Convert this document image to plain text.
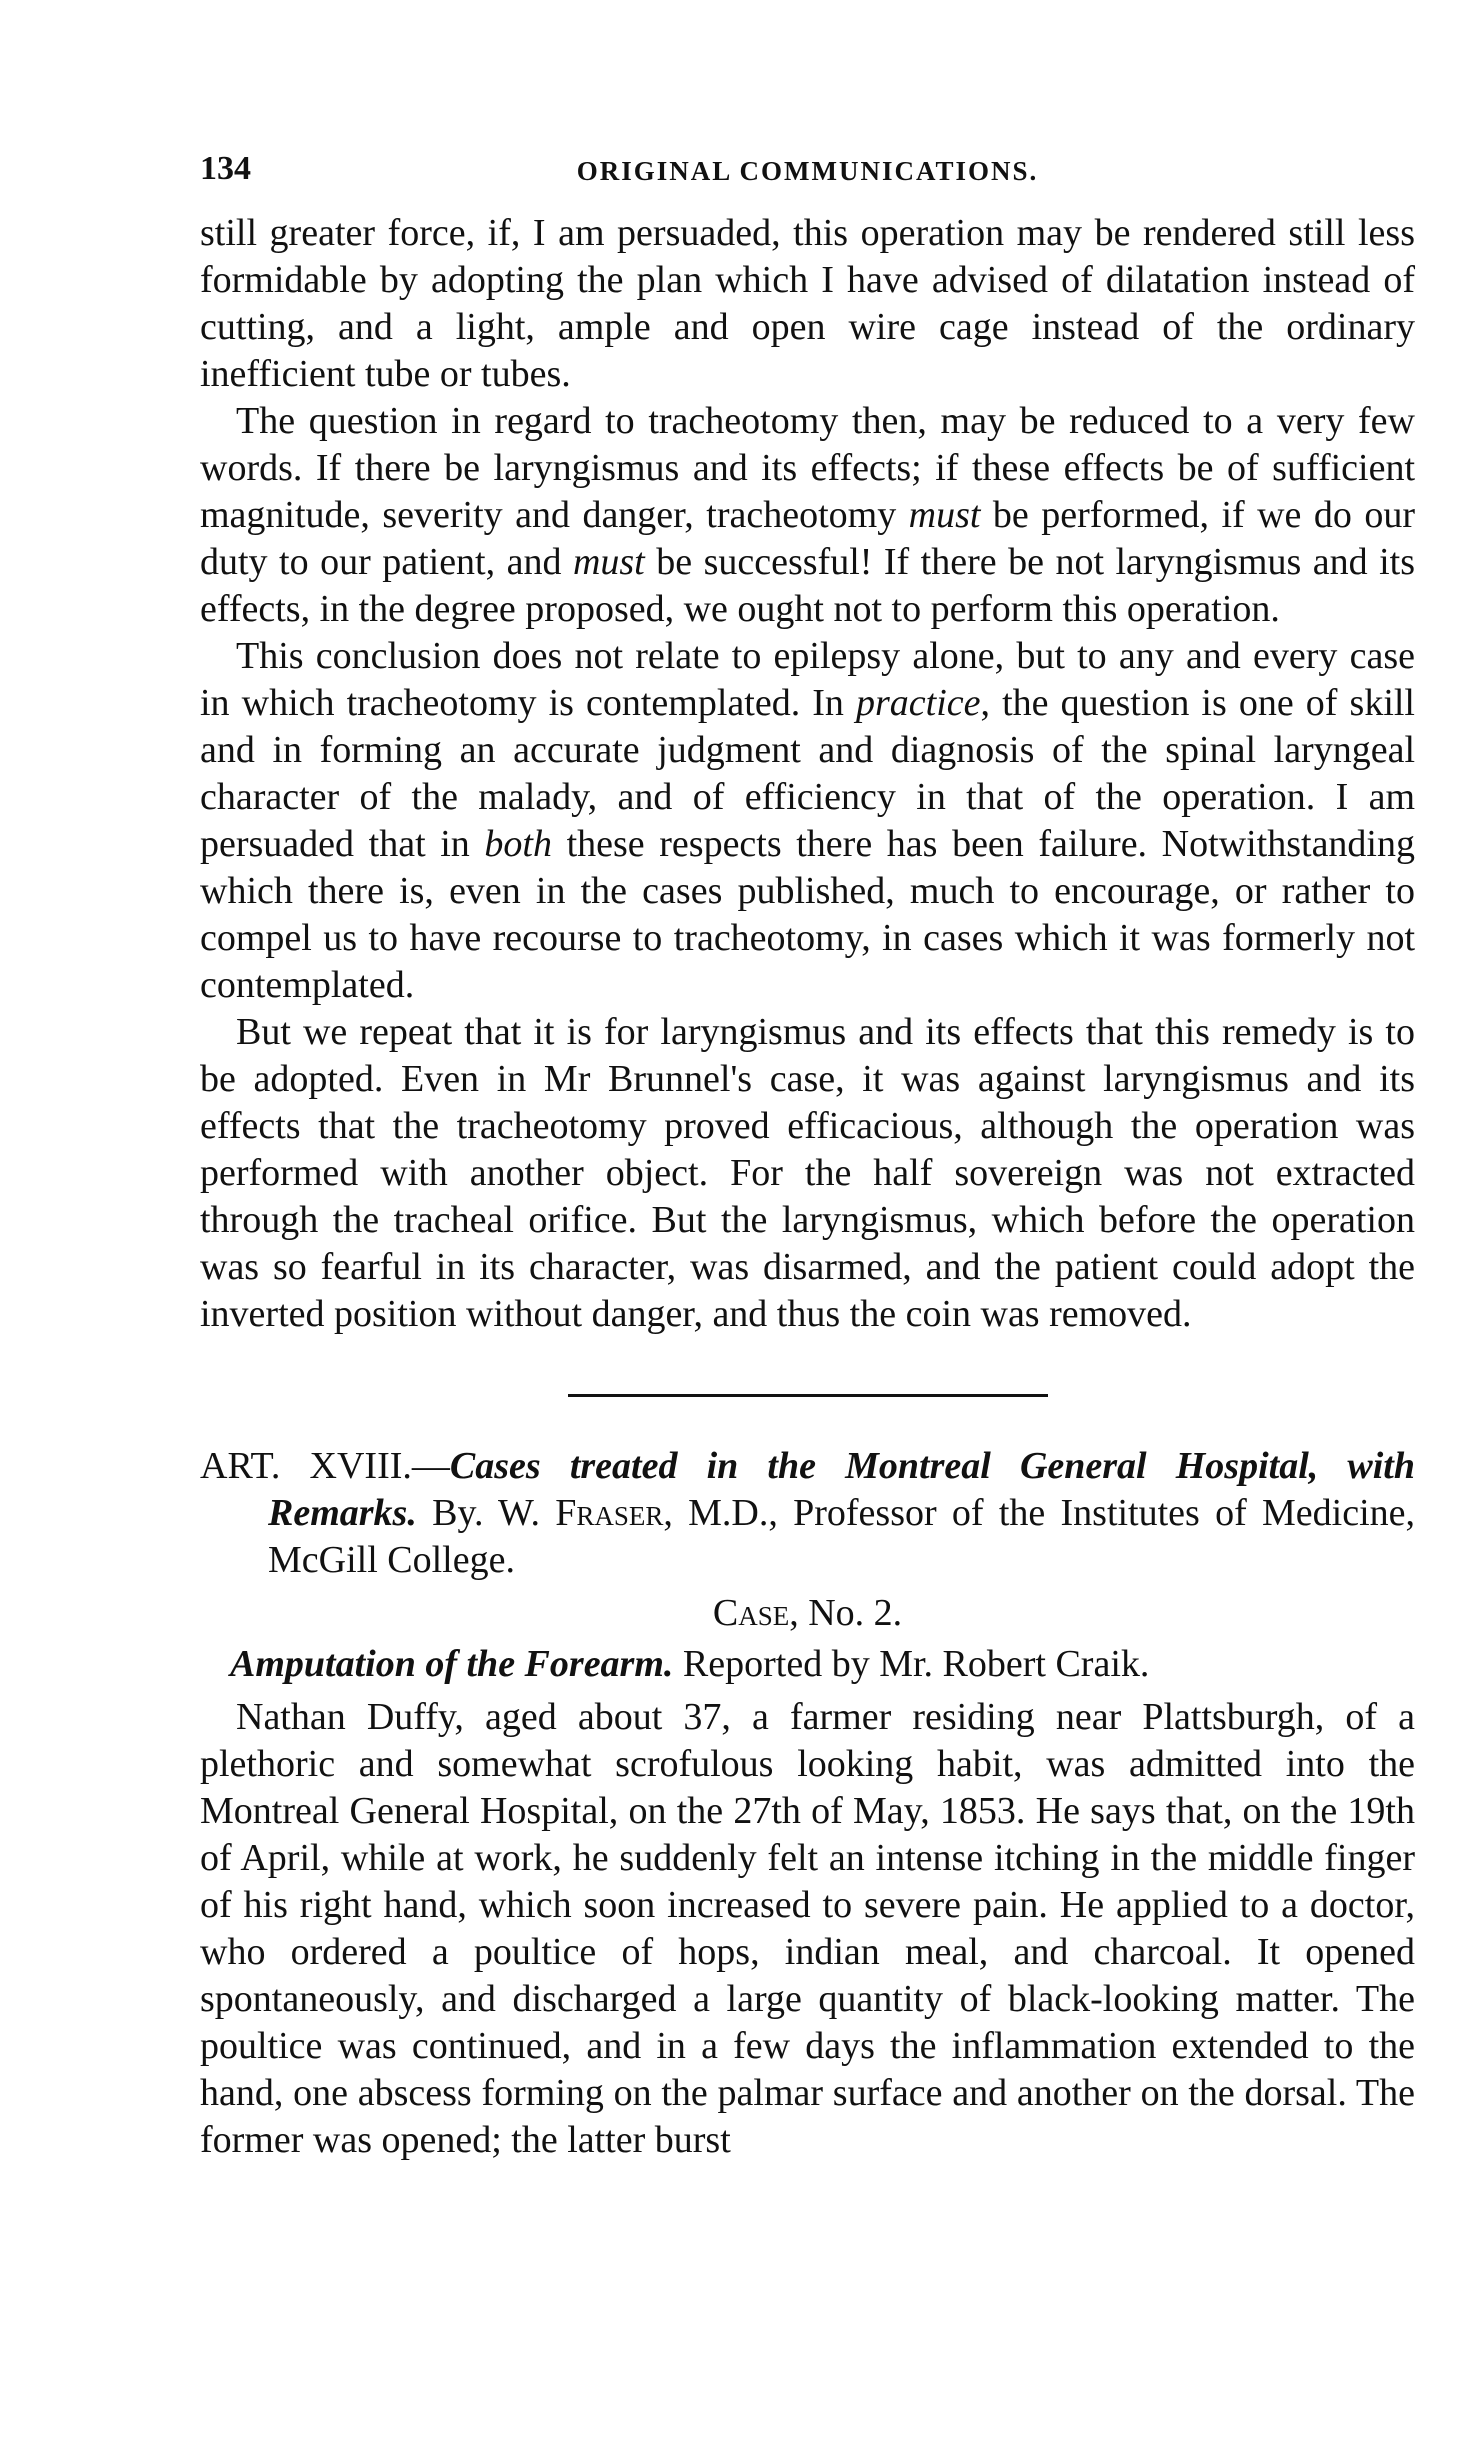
134	ORIGINAL COMMUNICATIONS.

still greater force, if, I am persuaded, this operation may be rendered still less formidable by adopting the plan which I have advised of dilatation instead of cutting, and a light, ample and open wire cage instead of the ordinary inefficient tube or tubes.

The question in regard to tracheotomy then, may be reduced to a very few words. If there be laryngismus and its effects; if these effects be of sufficient magnitude, severity and danger, tracheotomy must be performed, if we do our duty to our patient, and must be successful! If there be not laryngismus and its effects, in the degree proposed, we ought not to perform this operation.

This conclusion does not relate to epilepsy alone, but to any and every case in which tracheotomy is contemplated. In practice, the question is one of skill and in forming an accurate judgment and diagnosis of the spinal laryngeal character of the malady, and of efficiency in that of the operation. I am persuaded that in both these respects there has been failure. Notwithstanding which there is, even in the cases published, much to encourage, or rather to compel us to have recourse to tracheotomy, in cases which it was formerly not contemplated.

But we repeat that it is for laryngismus and its effects that this remedy is to be adopted. Even in Mr Brunnel's case, it was against laryngismus and its effects that the tracheotomy proved efficacious, although the operation was performed with another object. For the half sovereign was not extracted through the tracheal orifice. But the laryngismus, which before the operation was so fearful in its character, was disarmed, and the patient could adopt the inverted position without danger, and thus the coin was removed.

ART. XVIII.—Cases treated in the Montreal General Hospital, with Remarks. By. W. Fraser, M.D., Professor of the Institutes of Medicine, McGill College.

Case, No. 2.

Amputation of the Forearm. Reported by Mr. Robert Craik.

Nathan Duffy, aged about 37, a farmer residing near Plattsburgh, of a plethoric and somewhat scrofulous looking habit, was admitted into the Montreal General Hospital, on the 27th of May, 1853. He says that, on the 19th of April, while at work, he suddenly felt an intense itching in the middle finger of his right hand, which soon increased to severe pain. He applied to a doctor, who ordered a poultice of hops, indian meal, and charcoal. It opened spontaneously, and discharged a large quantity of black-looking matter. The poultice was continued, and in a few days the inflammation extended to the hand, one abscess forming on the palmar surface and another on the dorsal. The former was opened; the latter burst
